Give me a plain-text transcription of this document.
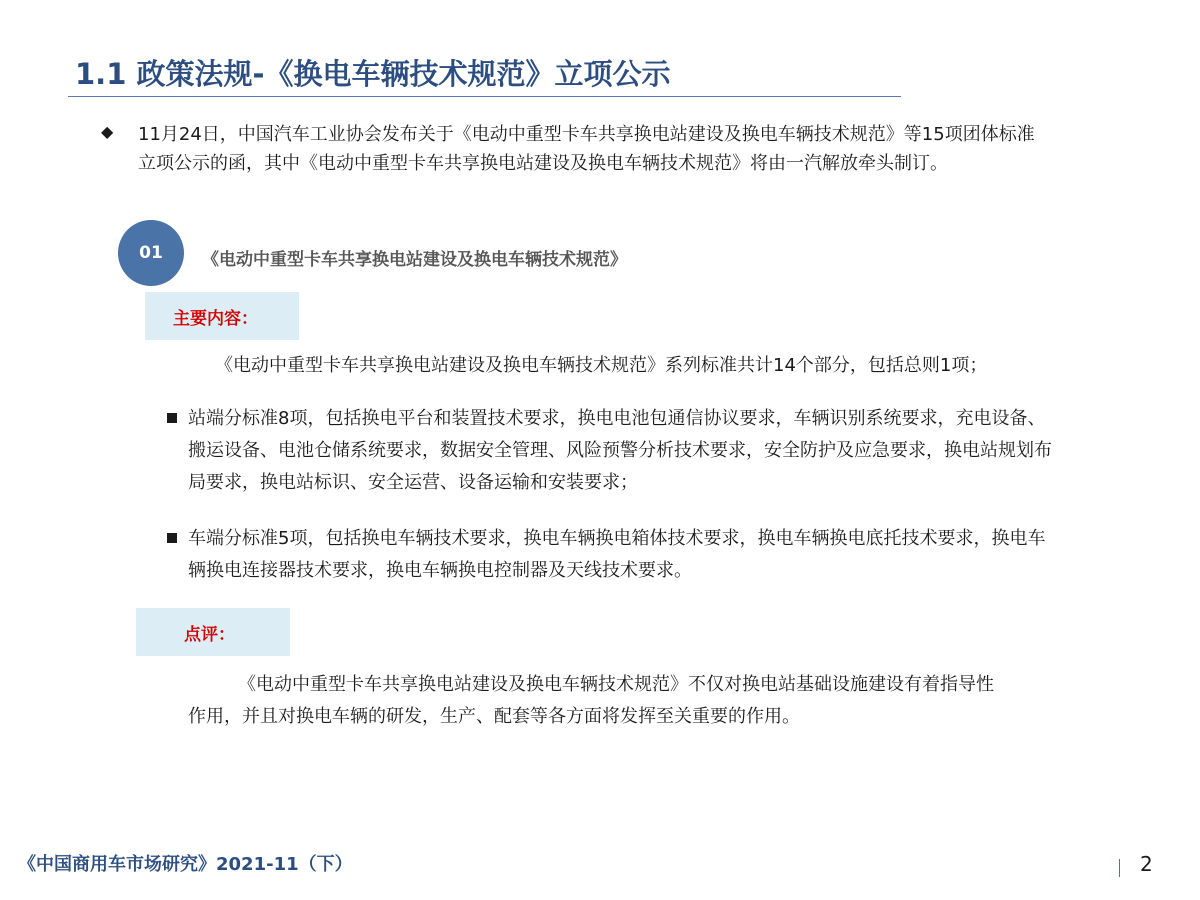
1.1 政策法规-《换电车辆技术规范》立项公示
◆ 11月24日，中国汽车工业协会发布关于《电动中重型卡车共享换电站建设及换电车辆技术规范》等15项团体标准立项公示的函，其中《电动中重型卡车共享换电站建设及换电车辆技术规范》将由一汽解放牵头制订。
01	《电动中重型卡车共享换电站建设及换电车辆技术规范》
主要内容：
《电动中重型卡车共享换电站建设及换电车辆技术规范》系列标准共计14个部分，包括总则1项；
站端分标准8项，包括换电平台和装置技术要求，换电电池包通信协议要求，车辆识别系统要求，充电设备、搬运设备、电池仓储系统要求，数据安全管理、风险预警分析技术要求，安全防护及应急要求，换电站规划布局要求，换电站标识、安全运营、设备运输和安装要求；
车端分标准5项，包括换电车辆技术要求，换电车辆换电箱体技术要求，换电车辆换电底托技术要求，换电车辆换电连接器技术要求，换电车辆换电控制器及天线技术要求。
点评：
《电动中重型卡车共享换电站建设及换电车辆技术规范》不仅对换电站基础设施建设有着指导性作用，并且对换电车辆的研发，生产、配套等各方面将发挥至关重要的作用。
《中国商用车市场研究》2021-11（下）	2
